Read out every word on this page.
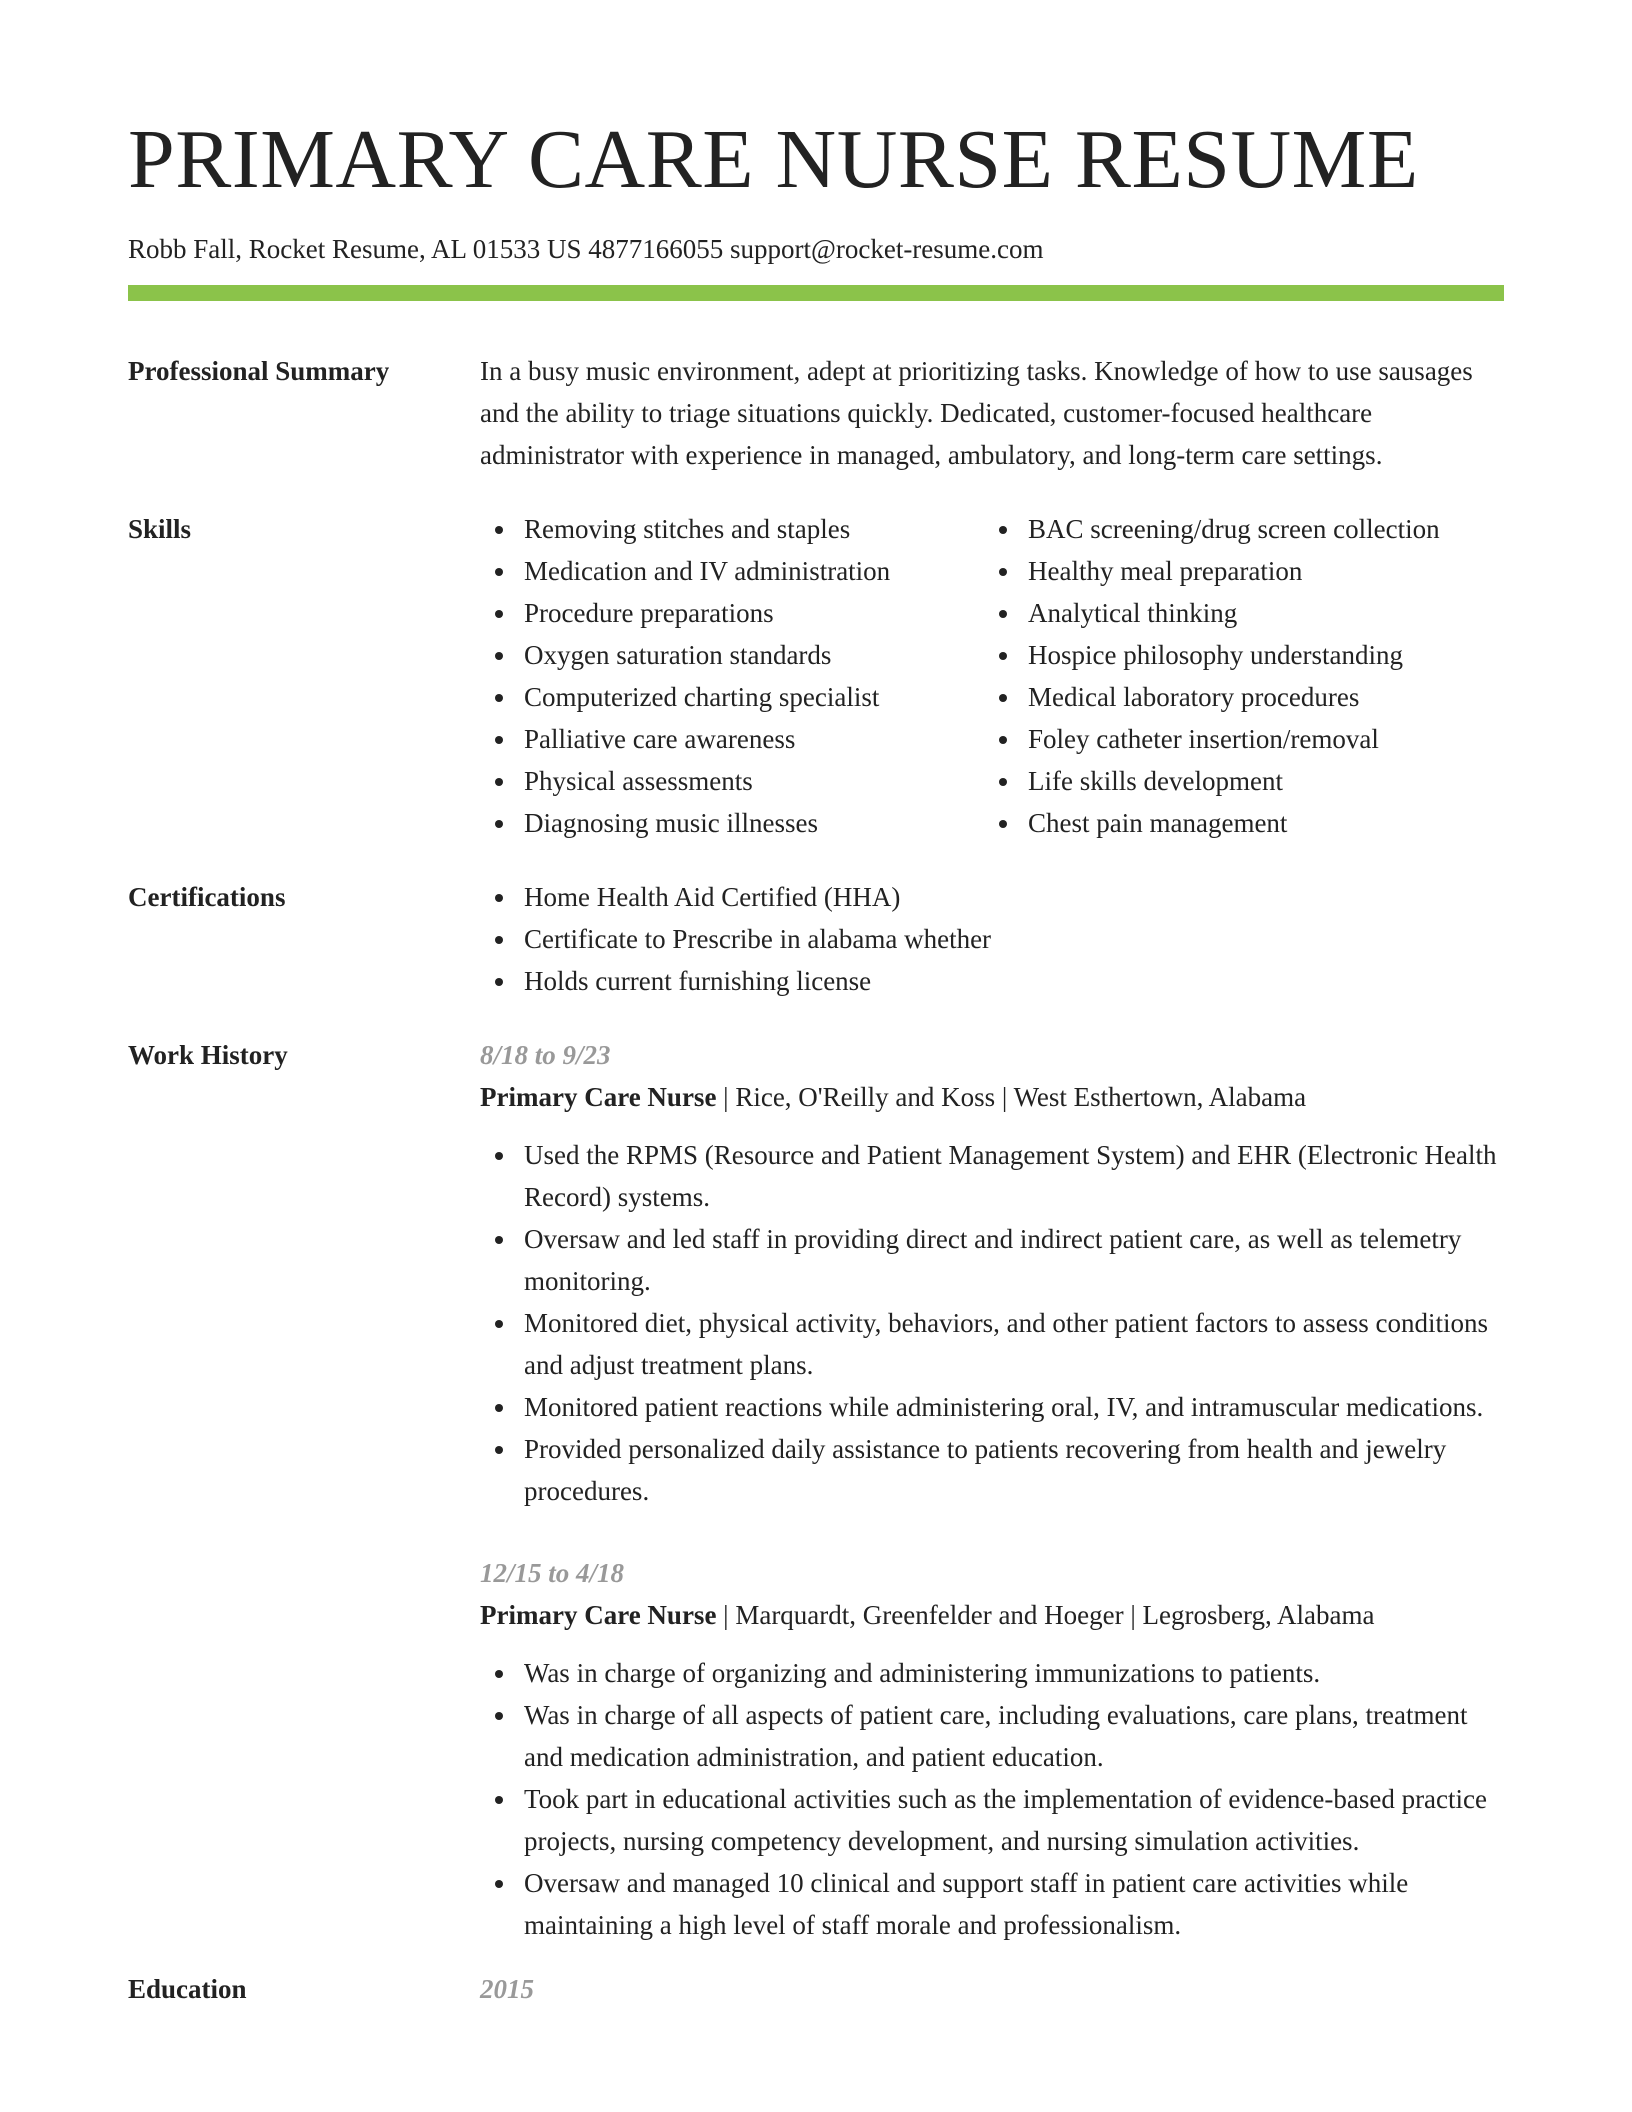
PRIMARY CARE NURSE RESUME
Robb Fall, Rocket Resume, AL 01533 US 4877166055 support@rocket-resume.com
Professional Summary	In a busy music environment, adept at prioritizing tasks. Knowledge of how to use sausages and the ability to triage situations quickly. Dedicated, customer-focused healthcare administrator with experience in managed, ambulatory, and long-term care settings.

Skills	Removing stitches and staples
Medication and IV administration
Procedure preparations
Oxygen saturation standards
Computerized charting specialist
Palliative care awareness
Physical assessments
Diagnosing music illnesses
BAC screening/drug screen collection
Healthy meal preparation
Analytical thinking
Hospice philosophy understanding
Medical laboratory procedures
Foley catheter insertion/removal
Life skills development
Chest pain management
Certifications	Home Health Aid Certified (HHA)
Certificate to Prescribe in alabama whether
Holds current furnishing license
Work History	8/18 to 9/23
Primary Care Nurse | Rice, O'Reilly and Koss | West Esthertown, Alabama
Used the RPMS (Resource and Patient Management System) and EHR (Electronic Health Record) systems.
Oversaw and led staff in providing direct and indirect patient care, as well as telemetry monitoring.
Monitored diet, physical activity, behaviors, and other patient factors to assess conditions and adjust treatment plans.
Monitored patient reactions while administering oral, IV, and intramuscular medications.
Provided personalized daily assistance to patients recovering from health and jewelry procedures.
12/15 to 4/18
Primary Care Nurse | Marquardt, Greenfelder and Hoeger | Legrosberg, Alabama
Was in charge of organizing and administering immunizations to patients.
Was in charge of all aspects of patient care, including evaluations, care plans, treatment and medication administration, and patient education.
Took part in educational activities such as the implementation of evidence-based practice projects, nursing competency development, and nursing simulation activities.
Oversaw and managed 10 clinical and support staff in patient care activities while maintaining a high level of staff morale and professionalism.
Education	2015
